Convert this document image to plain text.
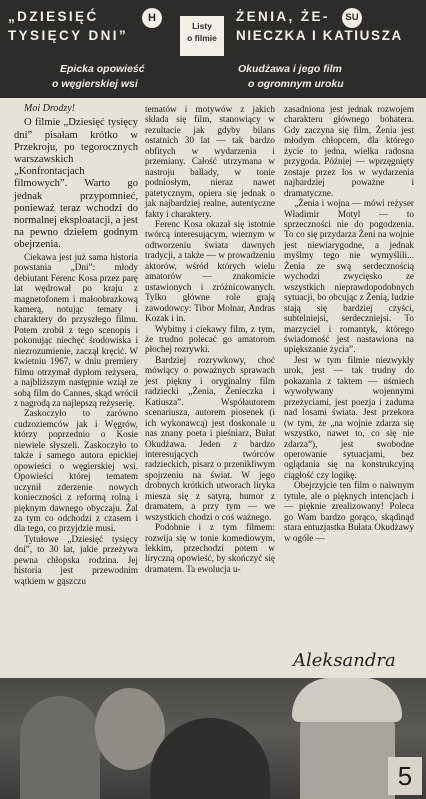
„DZIESIĘĆ	H
TYSIĘCY DNI”
Epicka opowieść
o węgierskiej wsi
Listy
o filmie
ŻENIA, ŻE-	SU
NIECZKA I KATIUSZA
Okudżawa i jego film
o ogromnym uroku

Moi Drodzy!

O filmie „Dziesięć tysięcy dni” pisałam krótko w Przekroju, po tegorocznych warszawskich „Konfrontacjach filmowych”. Warto go jednak przypomnieć, ponieważ teraz wchodzi do normalnej eksploatacji, a jest na pewno dziełem godnym obejrzenia.

Ciekawa jest już sama historia powstania „Dni”: młody debiutant Ferenc Kosa przez parę lat wędrował po kraju z magnetofonem i małoobrazkową kamerą, notując tematy i charaktery do przyszłego filmu. Potem zrobił z tego scenopis i pokonując niechęć środowiska i niezrozumienie, zaczął kręcić. W kwietniu 1967, w dniu premiery filmu otrzymał dyplom reżysera, a najbliższym następnie wziął ze sobą film do Cannes, skąd wrócił z nagrodą za najlepszą reżyserię.

Zaskoczyło to zarówno cudzoziemców jak i Węgrów, którzy poprzednio o Kosie niewiele słyszeli. Zaskoczyło to także i samego autora epickiej opowieści o węgierskiej wsi. Opowieści której tematem uczynił zderzenie nowych konieczności z reformą rolną i pięknym dawnego obyczaju. Żal za tym co odchodzi z czasem i dla tego, co przyjdzie musi.

Tytułowe „Dziesięć tysięcy dni”, to 30 lat, jakie przeżywa pewna chłopska rodzina. Jej historia jest przewodnim wątkiem w gąszczu

tematów i motywów z jakich składa się film, stanowiący w rezultacie jak gdyby bilans ostatnich 30 lat — tak bardzo obfitych w wydarzenia i przemiany. Całość utrzymana w nastroju ballady, w tonie podniosłym, nieraz nawet patetycznym, opiera się jednak o jak najbardziej realne, autentyczne fakty i charaktery.

Ferenc Kosa okazał się istotnie twórcą interesującym, wiernym w odtworzeniu świata dawnych tradycji, a także — w prowadzeniu aktorów, wśród których wielu amatorów — znakomicie ustawionych i zróżnicowanych. Tylko główne role grają zawodowcy: Tibor Molnar, Andras Kozak i in.

Wybitny i ciekawy film, z tym, że trudno polecać go amatorom płochej rozrywki.

Bardziej rozrywkowy, choć mówiący o poważnych sprawach jest piękny i oryginalny film radziecki „Żenia, Żenieczka i Katiusza”. Współautorem scenariusza, autorem piosenek (i ich wykonawcą) jest doskonale u nas znany poeta i pieśniarz, Bułat Okudżawa. Jeden z bardzo interesujących twórców radzieckich, pisarz o przenikliwym spojrzeniu na świat. W jego drobnych krótkich utworach liryka miesza się z satyrą, humor z dramatem, a przy tym — we wszystkich chodzi o coś ważnego.

Podobnie i z tym filmem: rozwija się w tonie komediowym, lekkim, przechodzi potem w liryczną opowieść, by skończyć się dramatem. Ta ewolucja u-

zasadniona jest jednak rozwojem charakteru głównego bohatera. Gdy zaczyna się film, Żenia jest młodym chłopcem, dla którego życie to jedna, wielka radosna przygoda. Później — wprzęgnięty zostaje przez los w wydarzenia najbardziej poważne i dramatyczne.

„Żenia i wojna — mówi reżyser Władimir Motyl — to sprzeczności nie do pogodzenia. To co się przydarza Żeni na wojnie jest niewiarygodne, a jednak myślmy tego nie wymyślili... Żenia ze swą serdecznością wychodzi zwycięsko ze wszystkich nieprawdopodobnych sytuacji, bo obcując z Żenią, ludzie stają się bardziej czyści, subtelniejsi, serdeczniejsi. To marzyciel i romantyk, którego świadomość jest nastawiona na upiększanie życia”.

Jest w tym filmie niezwykły urok, jest — tak trudny do pokazania z taktem — uśmiech wywoływany wojennymi przeżyciami, jest poezja i zaduma nad losami świata. Jest przekora (w tym, że „na wojnie zdarza się wszystko, nawet to, co się nie zdarza”), jest swobodne operowanie sytuacjami, bez oglądania się na konstrukcyjną ciągłość czy logikę.

Obejrzyjcie ten film o naiwnym tytule, ale o pięknych intencjach i — pięknie zrealizowany! Poleca go Wam bardzo gorąco, skądinąd stara entuzjastka Bułata Okudżawy w ogóle —

Aleksandra
5
